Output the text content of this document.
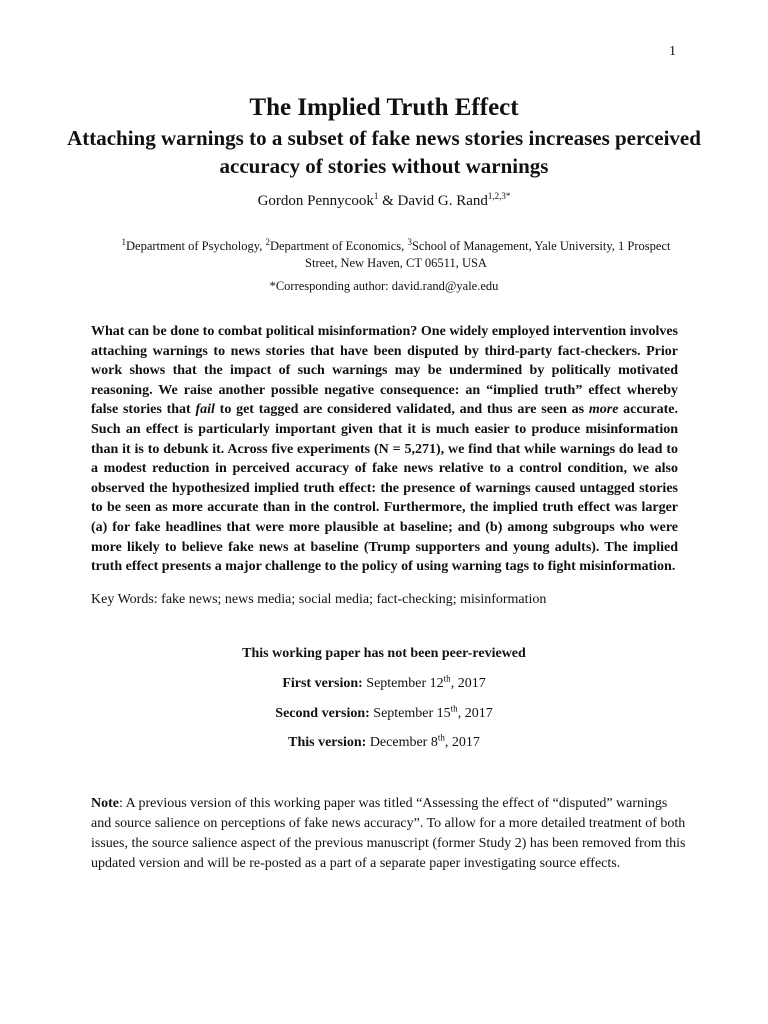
1
The Implied Truth Effect
Attaching warnings to a subset of fake news stories increases perceived accuracy of stories without warnings
Gordon Pennycook$^1$ & David G. Rand$^{1,2,3*}$
$^1$Department of Psychology, $^2$Department of Economics, $^3$School of Management, Yale University, 1 Prospect Street, New Haven, CT 06511, USA
*Corresponding author: david.rand@yale.edu

What can be done to combat political misinformation? One widely employed intervention involves attaching warnings to news stories that have been disputed by third-party fact-checkers. Prior work shows that the impact of such warnings may be undermined by politically motivated reasoning. We raise another possible negative consequence: an “implied truth” effect whereby false stories that fail to get tagged are considered validated, and thus are seen as more accurate. Such an effect is particularly important given that it is much easier to produce misinformation than it is to debunk it. Across five experiments (N = 5,271), we find that while warnings do lead to a modest reduction in perceived accuracy of fake news relative to a control condition, we also observed the hypothesized implied truth effect: the presence of warnings caused untagged stories to be seen as more accurate than in the control. Furthermore, the implied truth effect was larger (a) for fake headlines that were more plausible at baseline; and (b) among subgroups who were more likely to believe fake news at baseline (Trump supporters and young adults). The implied truth effect presents a major challenge to the policy of using warning tags to fight misinformation.

Key Words: fake news; news media; social media; fact-checking; misinformation
This working paper has not been peer-reviewed
First version: September 12th, 2017
Second version: September 15th, 2017
This version: December 8th, 2017

Note: A previous version of this working paper was titled “Assessing the effect of “disputed” warnings and source salience on perceptions of fake news accuracy”. To allow for a more detailed treatment of both issues, the source salience aspect of the previous manuscript (former Study 2) has been removed from this updated version and will be re-posted as a part of a separate paper investigating source effects.
